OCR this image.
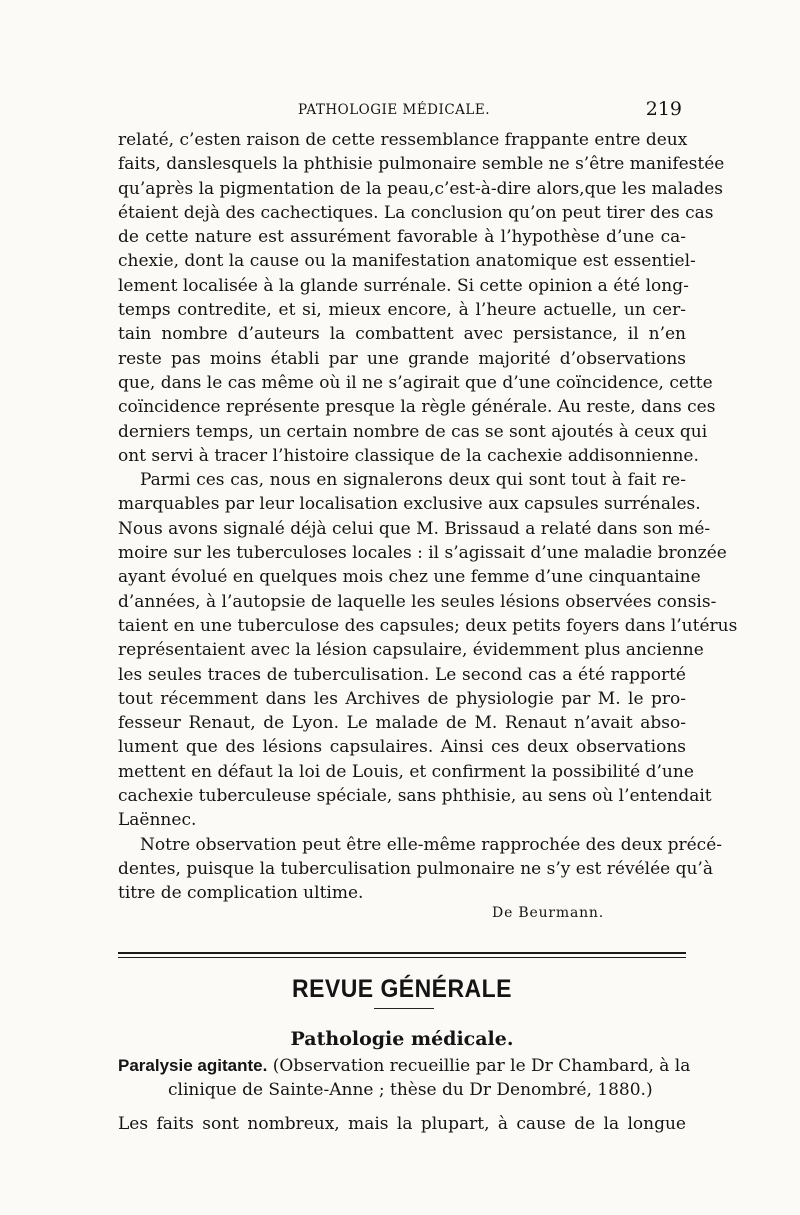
PATHOLOGIE MÉDICALE.	219
relaté, c’esten raison de cette ressemblance frappante entre deux
faits, danslesquels la phthisie pulmonaire semble ne s’être manifestée
qu’après la pigmentation de la peau,c’est-à-dire alors,que les malades
étaient dejà des cachectiques. La conclusion qu’on peut tirer des cas
de cette nature est assurément favorable à l’hypothèse d’une ca-
chexie, dont la cause ou la manifestation anatomique est essentiel-
lement localisée à la glande surrénale. Si cette opinion a été long-
temps contredite, et si, mieux encore, à l’heure actuelle, un cer-
tain nombre d’auteurs la combattent avec persistance, il n’en
reste pas moins établi par une grande majorité d’observations
que, dans le cas même où il ne s’agirait que d’une coïncidence, cette
coïncidence représente presque la règle générale. Au reste, dans ces
derniers temps, un certain nombre de cas se sont ajoutés à ceux qui
ont servi à tracer l’histoire classique de la cachexie addisonnienne.
Parmi ces cas, nous en signalerons deux qui sont tout à fait re-
marquables par leur localisation exclusive aux capsules surrénales.
Nous avons signalé déjà celui que M. Brissaud a relaté dans son mé-
moire sur les tuberculoses locales : il s’agissait d’une maladie bronzée
ayant évolué en quelques mois chez une femme d’une cinquantaine
d’années, à l’autopsie de laquelle les seules lésions observées consis-
taient en une tuberculose des capsules; deux petits foyers dans l’utérus
représentaient avec la lésion capsulaire, évidemment plus ancienne
les seules traces de tuberculisation. Le second cas a été rapporté
tout récemment dans les Archives de physiologie par M. le pro-
fesseur Renaut, de Lyon. Le malade de M. Renaut n’avait abso-
lument que des lésions capsulaires. Ainsi ces deux observations
mettent en défaut la loi de Louis, et confirment la possibilité d’une
cachexie tuberculeuse spéciale, sans phthisie, au sens où l’entendait
Laënnec.
Notre observation peut être elle-même rapprochée des deux précé-
dentes, puisque la tuberculisation pulmonaire ne s’y est révélée qu’à
titre de complication ultime.
De Beurmann.
REVUE GÉNÉRALE
Pathologie médicale.
Paralysie agitante. (Observation recueillie par le Dr Chambard, à la
clinique de Sainte-Anne ; thèse du Dr Denombré, 1880.)
Les faits sont nombreux, mais la plupart, à cause de la longue
